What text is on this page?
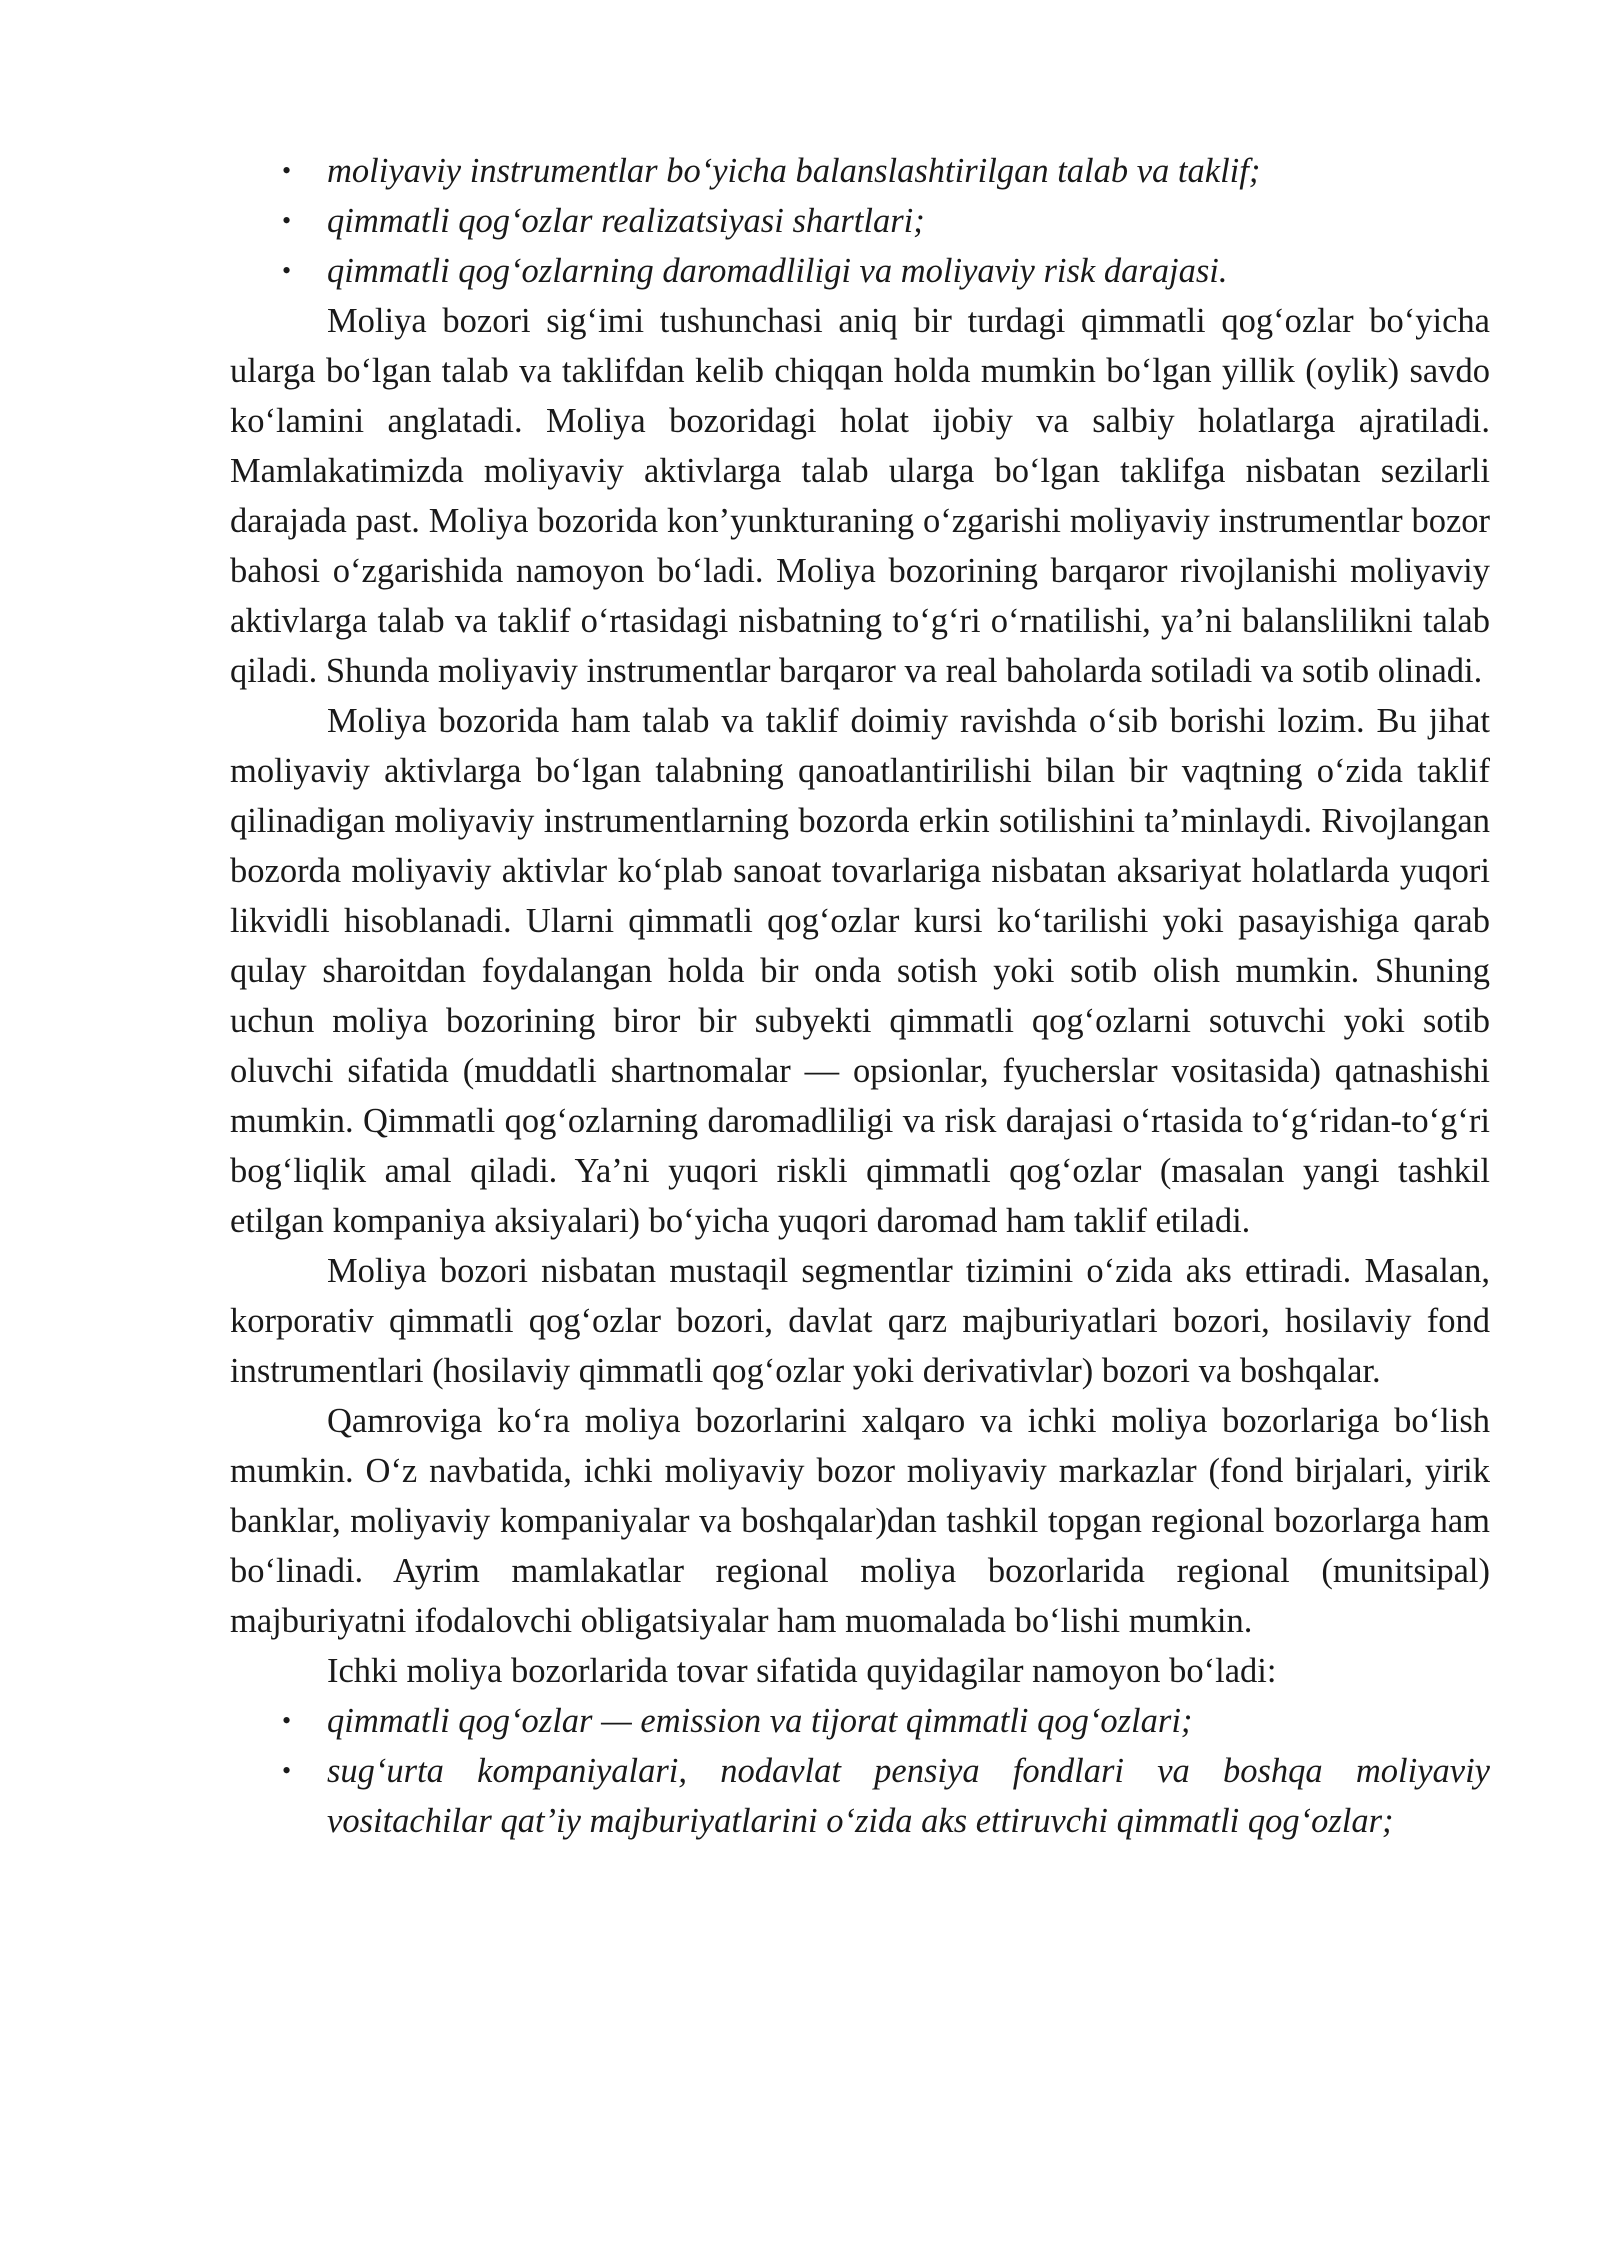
• moliyaviy instrumentlar bo‘yicha balanslashtirilgan talab va taklif;
• qimmatli qog‘ozlar realizatsiyasi shartlari;
• qimmatli qog‘ozlarning daromadliligi va moliyaviy risk darajasi.

Moliya bozori sig‘imi tushunchasi aniq bir turdagi qimmatli qog‘ozlar bo‘yicha ularga bo‘lgan talab va taklifdan kelib chiqqan holda mumkin bo‘lgan yillik (oylik) savdo ko‘lamini anglatadi. Moliya bozoridagi holat ijobiy va salbiy holatlarga ajratiladi. Mamlakatimizda moliyaviy aktivlarga talab ularga bo‘lgan taklifga nisbatan sezilarli darajada past. Moliya bozorida kon’yunkturaning o‘zgarishi moliyaviy instrumentlar bozor bahosi o‘zgarishida namoyon bo‘ladi. Moliya bozorining barqaror rivojlanishi moliyaviy aktivlarga talab va taklif o‘rtasidagi nisbatning to‘g‘ri o‘rnatilishi, ya’ni balanslilikni talab qiladi. Shunda moliyaviy instrumentlar barqaror va real baholarda sotiladi va sotib olinadi.

Moliya bozorida ham talab va taklif doimiy ravishda o‘sib borishi lozim. Bu jihat moliyaviy aktivlarga bo‘lgan talabning qanoatlantirilishi bilan bir vaqtning o‘zida taklif qilinadigan moliyaviy instrumentlarning bozorda erkin sotilishini ta’minlaydi. Rivojlangan bozorda moliyaviy aktivlar ko‘plab sanoat tovarlariga nisbatan aksariyat holatlarda yuqori likvidli hisoblanadi. Ularni qimmatli qog‘ozlar kursi ko‘tarilishi yoki pasayishiga qarab qulay sharoitdan foydalangan holda bir onda sotish yoki sotib olish mumkin. Shuning uchun moliya bozorining biror bir subyekti qimmatli qog‘ozlarni sotuvchi yoki sotib oluvchi sifatida (muddatli shartnomalar — opsionlar, fyucherslar vositasida) qatnashishi mumkin. Qimmatli qog‘ozlarning daromadliligi va risk darajasi o‘rtasida to‘g‘ridan-to‘g‘ri bog‘liqlik amal qiladi. Ya’ni yuqori riskli qimmatli qog‘ozlar (masalan yangi tashkil etilgan kompaniya aksiyalari) bo‘yicha yuqori daromad ham taklif etiladi.

Moliya bozori nisbatan mustaqil segmentlar tizimini o‘zida aks ettiradi. Masalan, korporativ qimmatli qog‘ozlar bozori, davlat qarz majburiyatlari bozori, hosilaviy fond instrumentlari (hosilaviy qimmatli qog‘ozlar yoki derivativlar) bozori va boshqalar.

Qamroviga ko‘ra moliya bozorlarini xalqaro va ichki moliya bozorlariga bo‘lish mumkin. O‘z navbatida, ichki moliyaviy bozor moliyaviy markazlar (fond birjalari, yirik banklar, moliyaviy kompaniyalar va boshqalar)dan tashkil topgan regional bozorlarga ham bo‘linadi. Ayrim mamlakatlar regional moliya bozorlarida regional (munitsipal) majburiyatni ifodalovchi obligatsiyalar ham muomalada bo‘lishi mumkin.

Ichki moliya bozorlarida tovar sifatida quyidagilar namoyon bo‘ladi:

• qimmatli qog‘ozlar — emission va tijorat qimmatli qog‘ozlari;
• sug‘urta kompaniyalari, nodavlat pensiya fondlari va boshqa moliyaviy vositachilar qat’iy majburiyatlarini o‘zida aks ettiruvchi qimmatli qog‘ozlar;
